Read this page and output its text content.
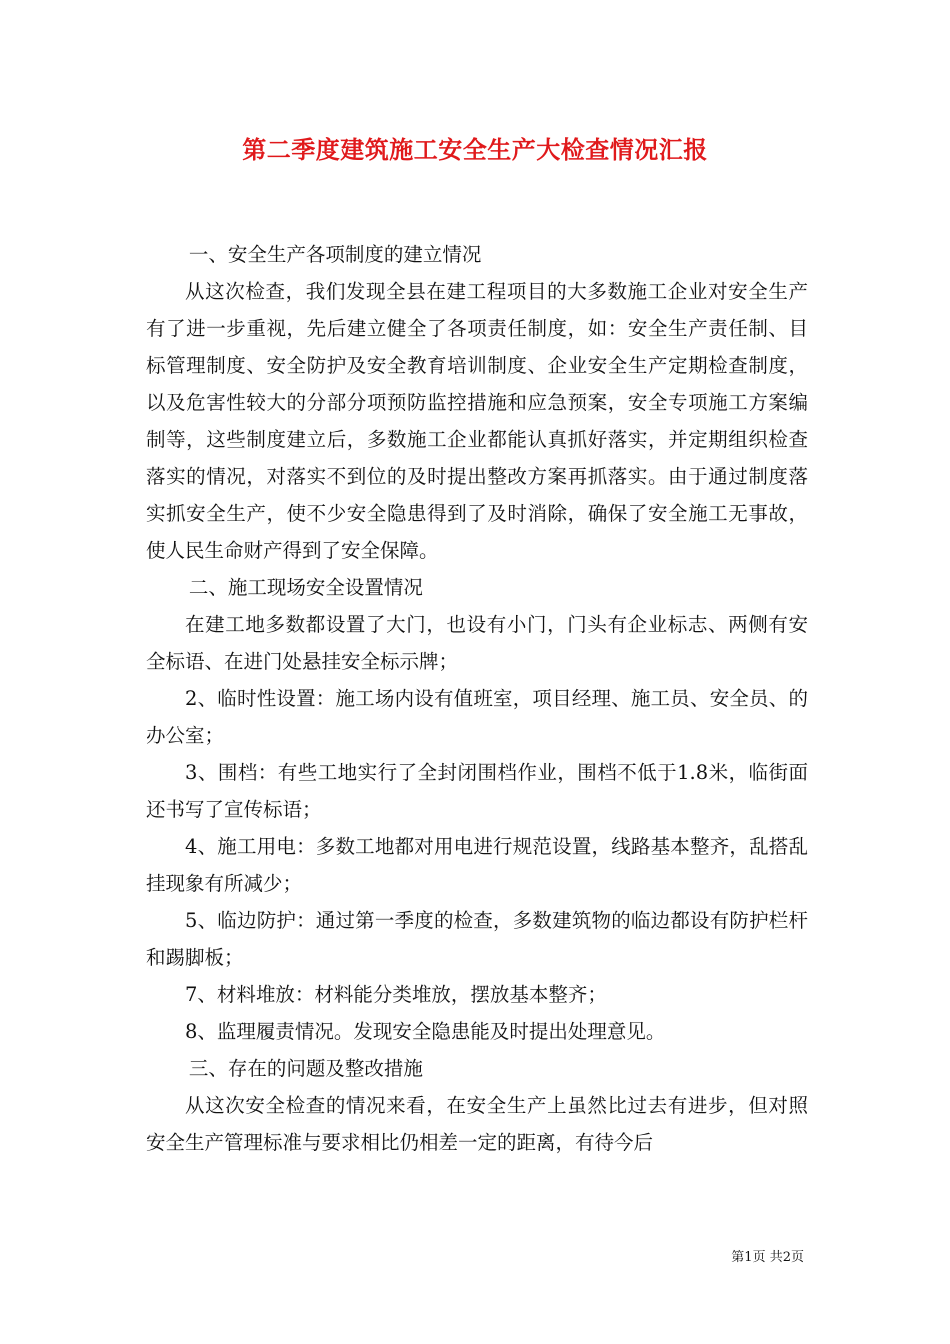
第二季度建筑施工安全生产大检查情况汇报

一、安全生产各项制度的建立情况

从这次检查，我们发现全县在建工程项目的大多数施工企业对安全生产有了进一步重视，先后建立健全了各项责任制度，如：安全生产责任制、目标管理制度、安全防护及安全教育培训制度、企业安全生产定期检查制度，以及危害性较大的分部分项预防监控措施和应急预案，安全专项施工方案编制等，这些制度建立后，多数施工企业都能认真抓好落实，并定期组织检查落实的情况，对落实不到位的及时提出整改方案再抓落实。由于通过制度落实抓安全生产，使不少安全隐患得到了及时消除，确保了安全施工无事故，使人民生命财产得到了安全保障。

二、施工现场安全设置情况

在建工地多数都设置了大门，也设有小门，门头有企业标志、两侧有安全标语、在进门处悬挂安全标示牌；

2、临时性设置：施工场内设有值班室，项目经理、施工员、安全员、的办公室；

3、围档：有些工地实行了全封闭围档作业，围档不低于1.8米，临街面还书写了宣传标语；

4、施工用电：多数工地都对用电进行规范设置，线路基本整齐，乱搭乱挂现象有所减少；

5、临边防护：通过第一季度的检查，多数建筑物的临边都设有防护栏杆和踢脚板；

7、材料堆放：材料能分类堆放，摆放基本整齐；

8、监理履责情况。发现安全隐患能及时提出处理意见。

三、存在的问题及整改措施

从这次安全检查的情况来看，在安全生产上虽然比过去有进步，但对照安全生产管理标准与要求相比仍相差一定的距离，有待今后

第1页 共2页
